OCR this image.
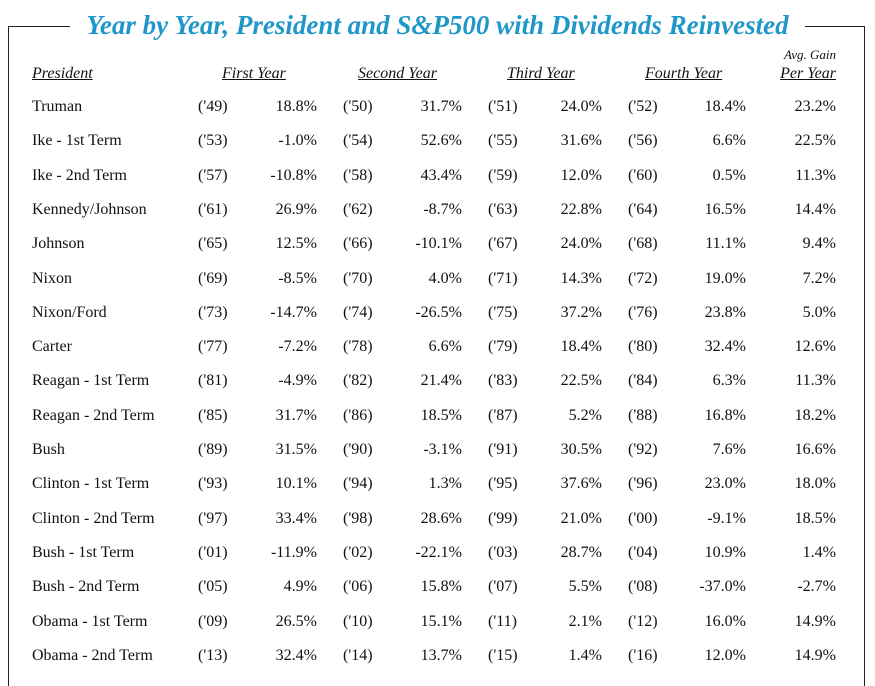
Year by Year, President and S&P500 with Dividends Reinvested
President	First Year	Second Year	Third Year	Fourth Year
Avg. Gain
Per Year
Truman	('49)	18.8% ('50)	31.7% ('51)	24.0% ('52)	18.4%	23.2%
Ike - 1st Term	('53)	-1.0% ('54)	52.6% ('55)	31.6% ('56)	6.6%	22.5%
Ike - 2nd Term	('57)	-10.8% ('58)	43.4% ('59)	12.0% ('60)	0.5%	11.3%
Kennedy/Johnson	('61)	26.9% ('62)	-8.7% ('63)	22.8% ('64)	16.5%	14.4%
Johnson	('65)	12.5% ('66)	-10.1% ('67)	24.0% ('68)	11.1%	9.4%
Nixon	('69)	-8.5% ('70)	4.0% ('71)	14.3% ('72)	19.0%	7.2%
Nixon/Ford	('73)	-14.7% ('74)	-26.5% ('75)	37.2% ('76)	23.8%	5.0%
Carter	('77)	-7.2% ('78)	6.6% ('79)	18.4% ('80)	32.4%	12.6%
Reagan - 1st Term	('81)	-4.9% ('82)	21.4% ('83)	22.5% ('84)	6.3%	11.3%
Reagan - 2nd Term	('85)	31.7% ('86)	18.5% ('87)	5.2% ('88)	16.8%	18.2%
Bush	('89)	31.5% ('90)	-3.1% ('91)	30.5% ('92)	7.6%	16.6%
Clinton - 1st Term	('93)	10.1% ('94)	1.3% ('95)	37.6% ('96)	23.0%	18.0%
Clinton - 2nd Term	('97)	33.4% ('98)	28.6% ('99)	21.0% ('00)	-9.1%	18.5%
Bush - 1st Term	('01)	-11.9% ('02)	-22.1% ('03)	28.7% ('04)	10.9%	1.4%
Bush - 2nd Term	('05)	4.9% ('06)	15.8% ('07)	5.5% ('08)	-37.0%	-2.7%
Obama - 1st Term	('09)	26.5% ('10)	15.1% ('11)	2.1% ('12)	16.0%	14.9%
Obama - 2nd Term	('13)	32.4% ('14)	13.7% ('15)	1.4% ('16)	12.0%	14.9%
